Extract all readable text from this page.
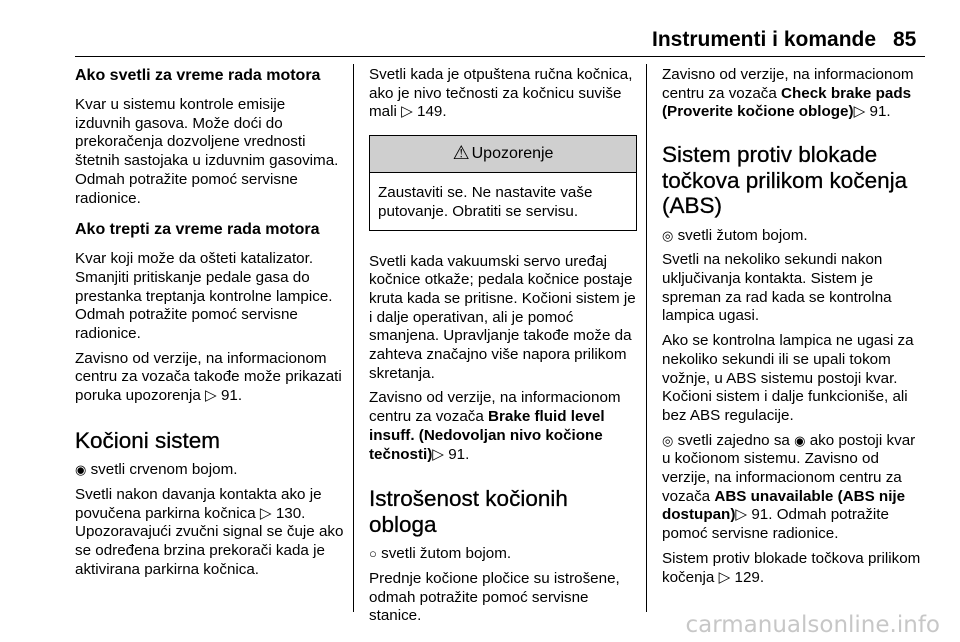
Instrumenti i komande 85
Ako svetli za vreme rada motora

Kvar u sistemu kontrole emisije izduvnih gasova. Može doći do prekoračenja dozvoljene vrednosti štetnih sastojaka u izduvnim gasovima. Odmah potražite pomoć servisne radionice.

Ako trepti za vreme rada motora

Kvar koji može da ošteti katalizator. Smanjiti pritiskanje pedale gasa do prestanka treptanja kontrolne lampice. Odmah potražite pomoć servisne radionice.

Zavisno od verzije, na informacionom centru za vozača takođe može prikazati poruka upozorenja ▷ 91.

Kočioni sistem

◉ svetli crvenom bojom.

Svetli nakon davanja kontakta ako je povučena parkirna kočnica ▷ 130.

Upozoravajući zvučni signal se čuje ako se određena brzina prekorači kada je aktivirana parkirna kočnica.

Svetli kada je otpuštena ručna kočnica, ako je nivo tečnosti za kočnicu suviše mali ▷ 149.

⚠ Upozorenje
Zaustaviti se. Ne nastavite vaše putovanje. Obratiti se servisu.

Svetli kada vakuumski servo uređaj kočnice otkaže; pedala kočnice postaje kruta kada se pritisne. Kočioni sistem je i dalje operativan, ali je pomoć smanjena. Upravljanje takođe može da zahteva značajno više napora prilikom skretanja.

Zavisno od verzije, na informacionom centru za vozača Brake fluid level insuff. (Nedovoljan nivo kočione tečnosti)▷ 91.

Istrošenost kočionih obloga

○ svetli žutom bojom.

Prednje kočione pločice su istrošene, odmah potražite pomoć servisne stanice.

Zavisno od verzije, na informacionom centru za vozača Check brake pads (Proverite kočione obloge)▷ 91.

Sistem protiv blokade točkova prilikom kočenja (ABS)

◎ svetli žutom bojom.

Svetli na nekoliko sekundi nakon uključivanja kontakta. Sistem je spreman za rad kada se kontrolna lampica ugasi.

Ako se kontrolna lampica ne ugasi za nekoliko sekundi ili se upali tokom vožnje, u ABS sistemu postoji kvar. Kočioni sistem i dalje funkcioniše, ali bez ABS regulacije.

◎ svetli zajedno sa ◉ ako postoji kvar u kočionom sistemu. Zavisno od verzije, na informacionom centru za vozača ABS unavailable (ABS nije dostupan)▷ 91. Odmah potražite pomoć servisne radionice.

Sistem protiv blokade točkova prilikom kočenja ▷ 129.

carmanualsonline.info
